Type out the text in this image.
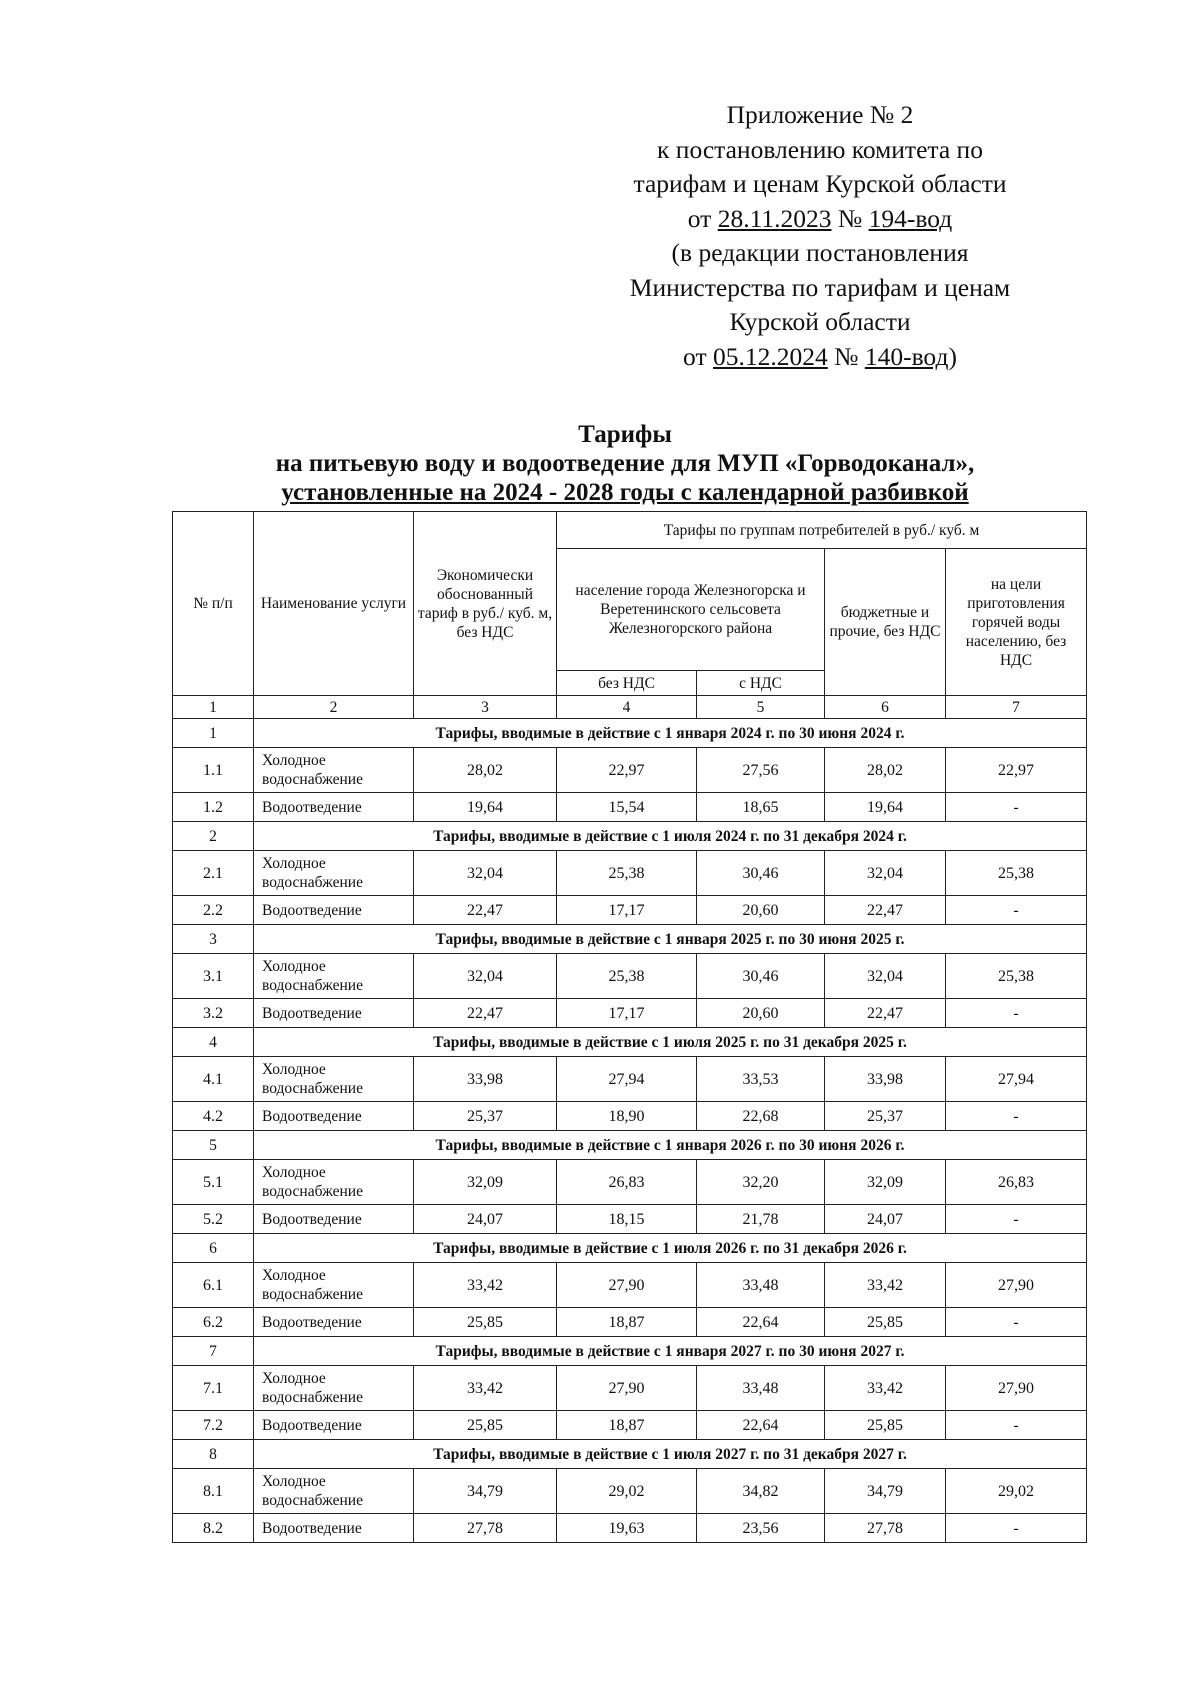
Приложение № 2
к постановлению комитета по
тарифам и ценам Курской области
от 28.11.2023 № 194-вод
(в редакции постановления
Министерства по тарифам и ценам
Курской области
от 05.12.2024 № 140-вод)
Тарифы
на питьевую воду и водоотведение для МУП «Горводоканал»,
установленные на 2024 - 2028 годы с календарной разбивкой
№ п/п	Наименование услуги	Экономически обоснованный тариф в руб./ куб. м, без НДС	Тарифы по группам потребителей в руб./ куб. м			
			население города Железногорска и Веретенинского сельсовета Железногорского района		бюджетные и прочие, без НДС	на цели приготовления горячей воды населению, без НДС
			без НДС	с НДС		
1	2	3	4	5	6	7
1	Тарифы, вводимые в действие с 1 января 2024 г. по 30 июня 2024 г.					
1.1	Холодное водоснабжение	28,02	22,97	27,56	28,02	22,97
1.2	Водоотведение	19,64	15,54	18,65	19,64	-
2	Тарифы, вводимые в действие с 1 июля 2024 г. по 31 декабря 2024 г.					
2.1	Холодное водоснабжение	32,04	25,38	30,46	32,04	25,38
2.2	Водоотведение	22,47	17,17	20,60	22,47	-
3	Тарифы, вводимые в действие с 1 января 2025 г. по 30 июня 2025 г.					
3.1	Холодное водоснабжение	32,04	25,38	30,46	32,04	25,38
3.2	Водоотведение	22,47	17,17	20,60	22,47	-
4	Тарифы, вводимые в действие с 1 июля 2025 г. по 31 декабря 2025 г.					
4.1	Холодное водоснабжение	33,98	27,94	33,53	33,98	27,94
4.2	Водоотведение	25,37	18,90	22,68	25,37	-
5	Тарифы, вводимые в действие с 1 января 2026 г. по 30 июня 2026 г.					
5.1	Холодное водоснабжение	32,09	26,83	32,20	32,09	26,83
5.2	Водоотведение	24,07	18,15	21,78	24,07	-
6	Тарифы, вводимые в действие с 1 июля 2026 г. по 31 декабря 2026 г.					
6.1	Холодное водоснабжение	33,42	27,90	33,48	33,42	27,90
6.2	Водоотведение	25,85	18,87	22,64	25,85	-
7	Тарифы, вводимые в действие с 1 января 2027 г. по 30 июня 2027 г.					
7.1	Холодное водоснабжение	33,42	27,90	33,48	33,42	27,90
7.2	Водоотведение	25,85	18,87	22,64	25,85	-
8	Тарифы, вводимые в действие с 1 июля 2027 г. по 31 декабря 2027 г.					
8.1	Холодное водоснабжение	34,79	29,02	34,82	34,79	29,02
8.2	Водоотведение	27,78	19,63	23,56	27,78	-
